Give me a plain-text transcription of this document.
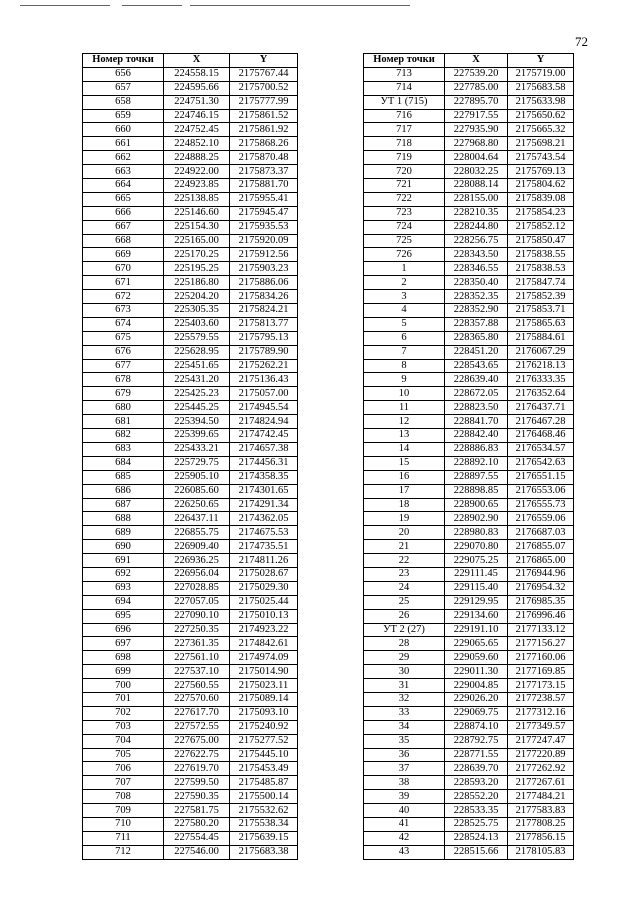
72
Номер точки	X	Y
656	224558.15	2175767.44
657	224595.66	2175700.52
658	224751.30	2175777.99
659	224746.15	2175861.52
660	224752.45	2175861.92
661	224852.10	2175868.26
662	224888.25	2175870.48
663	224922.00	2175873.37
664	224923.85	2175881.70
665	225138.85	2175955.41
666	225146.60	2175945.47
667	225154.30	2175935.53
668	225165.00	2175920.09
669	225170.25	2175912.56
670	225195.25	2175903.23
671	225186.80	2175886.06
672	225204.20	2175834.26
673	225305.35	2175824.21
674	225403.60	2175813.77
675	225579.55	2175795.13
676	225628.95	2175789.90
677	225451.65	2175262.21
678	225431.20	2175136.43
679	225425.23	2175057.00
680	225445.25	2174945.54
681	225394.50	2174824.94
682	225399.65	2174742.45
683	225433.21	2174657.38
684	225729.75	2174456.31
685	225905.10	2174358.35
686	226085.60	2174301.65
687	226250.65	2174291.34
688	226437.11	2174362.05
689	226855.75	2174675.53
690	226909.40	2174735.51
691	226936.25	2174811.26
692	226956.04	2175028.67
693	227028.85	2175029.30
694	227057.05	2175025.44
695	227090.10	2175010.13
696	227250.35	2174923.22
697	227361.35	2174842.61
698	227561.10	2174974.09
699	227537.10	2175014.90
700	227560.55	2175023.11
701	227570.60	2175089.14
702	227617.70	2175093.10
703	227572.55	2175240.92
704	227675.00	2175277.52
705	227622.75	2175445.10
706	227619.70	2175453.49
707	227599.50	2175485.87
708	227590.35	2175500.14
709	227581.75	2175532.62
710	227580.20	2175538.34
711	227554.45	2175639.15
712	227546.00	2175683.38
Номер точки	X	Y
713	227539.20	2175719.00
714	227785.00	2175683.58
УТ 1 (715)	227895.70	2175633.98
716	227917.55	2175650.62
717	227935.90	2175665.32
718	227968.80	2175698.21
719	228004.64	2175743.54
720	228032.25	2175769.13
721	228088.14	2175804.62
722	228155.00	2175839.08
723	228210.35	2175854.23
724	228244.80	2175852.12
725	228256.75	2175850.47
726	228343.50	2175838.55
1	228346.55	2175838.53
2	228350.40	2175847.74
3	228352.35	2175852.39
4	228352.90	2175853.71
5	228357.88	2175865.63
6	228365.80	2175884.61
7	228451.20	2176067.29
8	228543.65	2176218.13
9	228639.40	2176333.35
10	228672.05	2176352.64
11	228823.50	2176437.71
12	228841.70	2176467.28
13	228842.40	2176468.46
14	228886.83	2176534.57
15	228892.10	2176542.63
16	228897.55	2176551.15
17	228898.85	2176553.06
18	228900.65	2176555.73
19	228902.90	2176559.06
20	228980.83	2176687.03
21	229070.80	2176855.07
22	229075.25	2176865.00
23	229111.45	2176944.96
24	229115.40	2176954.32
25	229129.95	2176985.35
26	229134.60	2176996.46
УТ 2 (27)	229191.10	2177133.12
28	229065.65	2177156.27
29	229059.60	2177160.06
30	229011.30	2177169.85
31	229004.85	2177173.15
32	229026.20	2177238.57
33	229069.75	2177312.16
34	228874.10	2177349.57
35	228792.75	2177247.47
36	228771.55	2177220.89
37	228639.70	2177262.92
38	228593.20	2177267.61
39	228552.20	2177484.21
40	228533.35	2177583.83
41	228525.75	2177808.25
42	228524.13	2177856.15
43	228515.66	2178105.83
